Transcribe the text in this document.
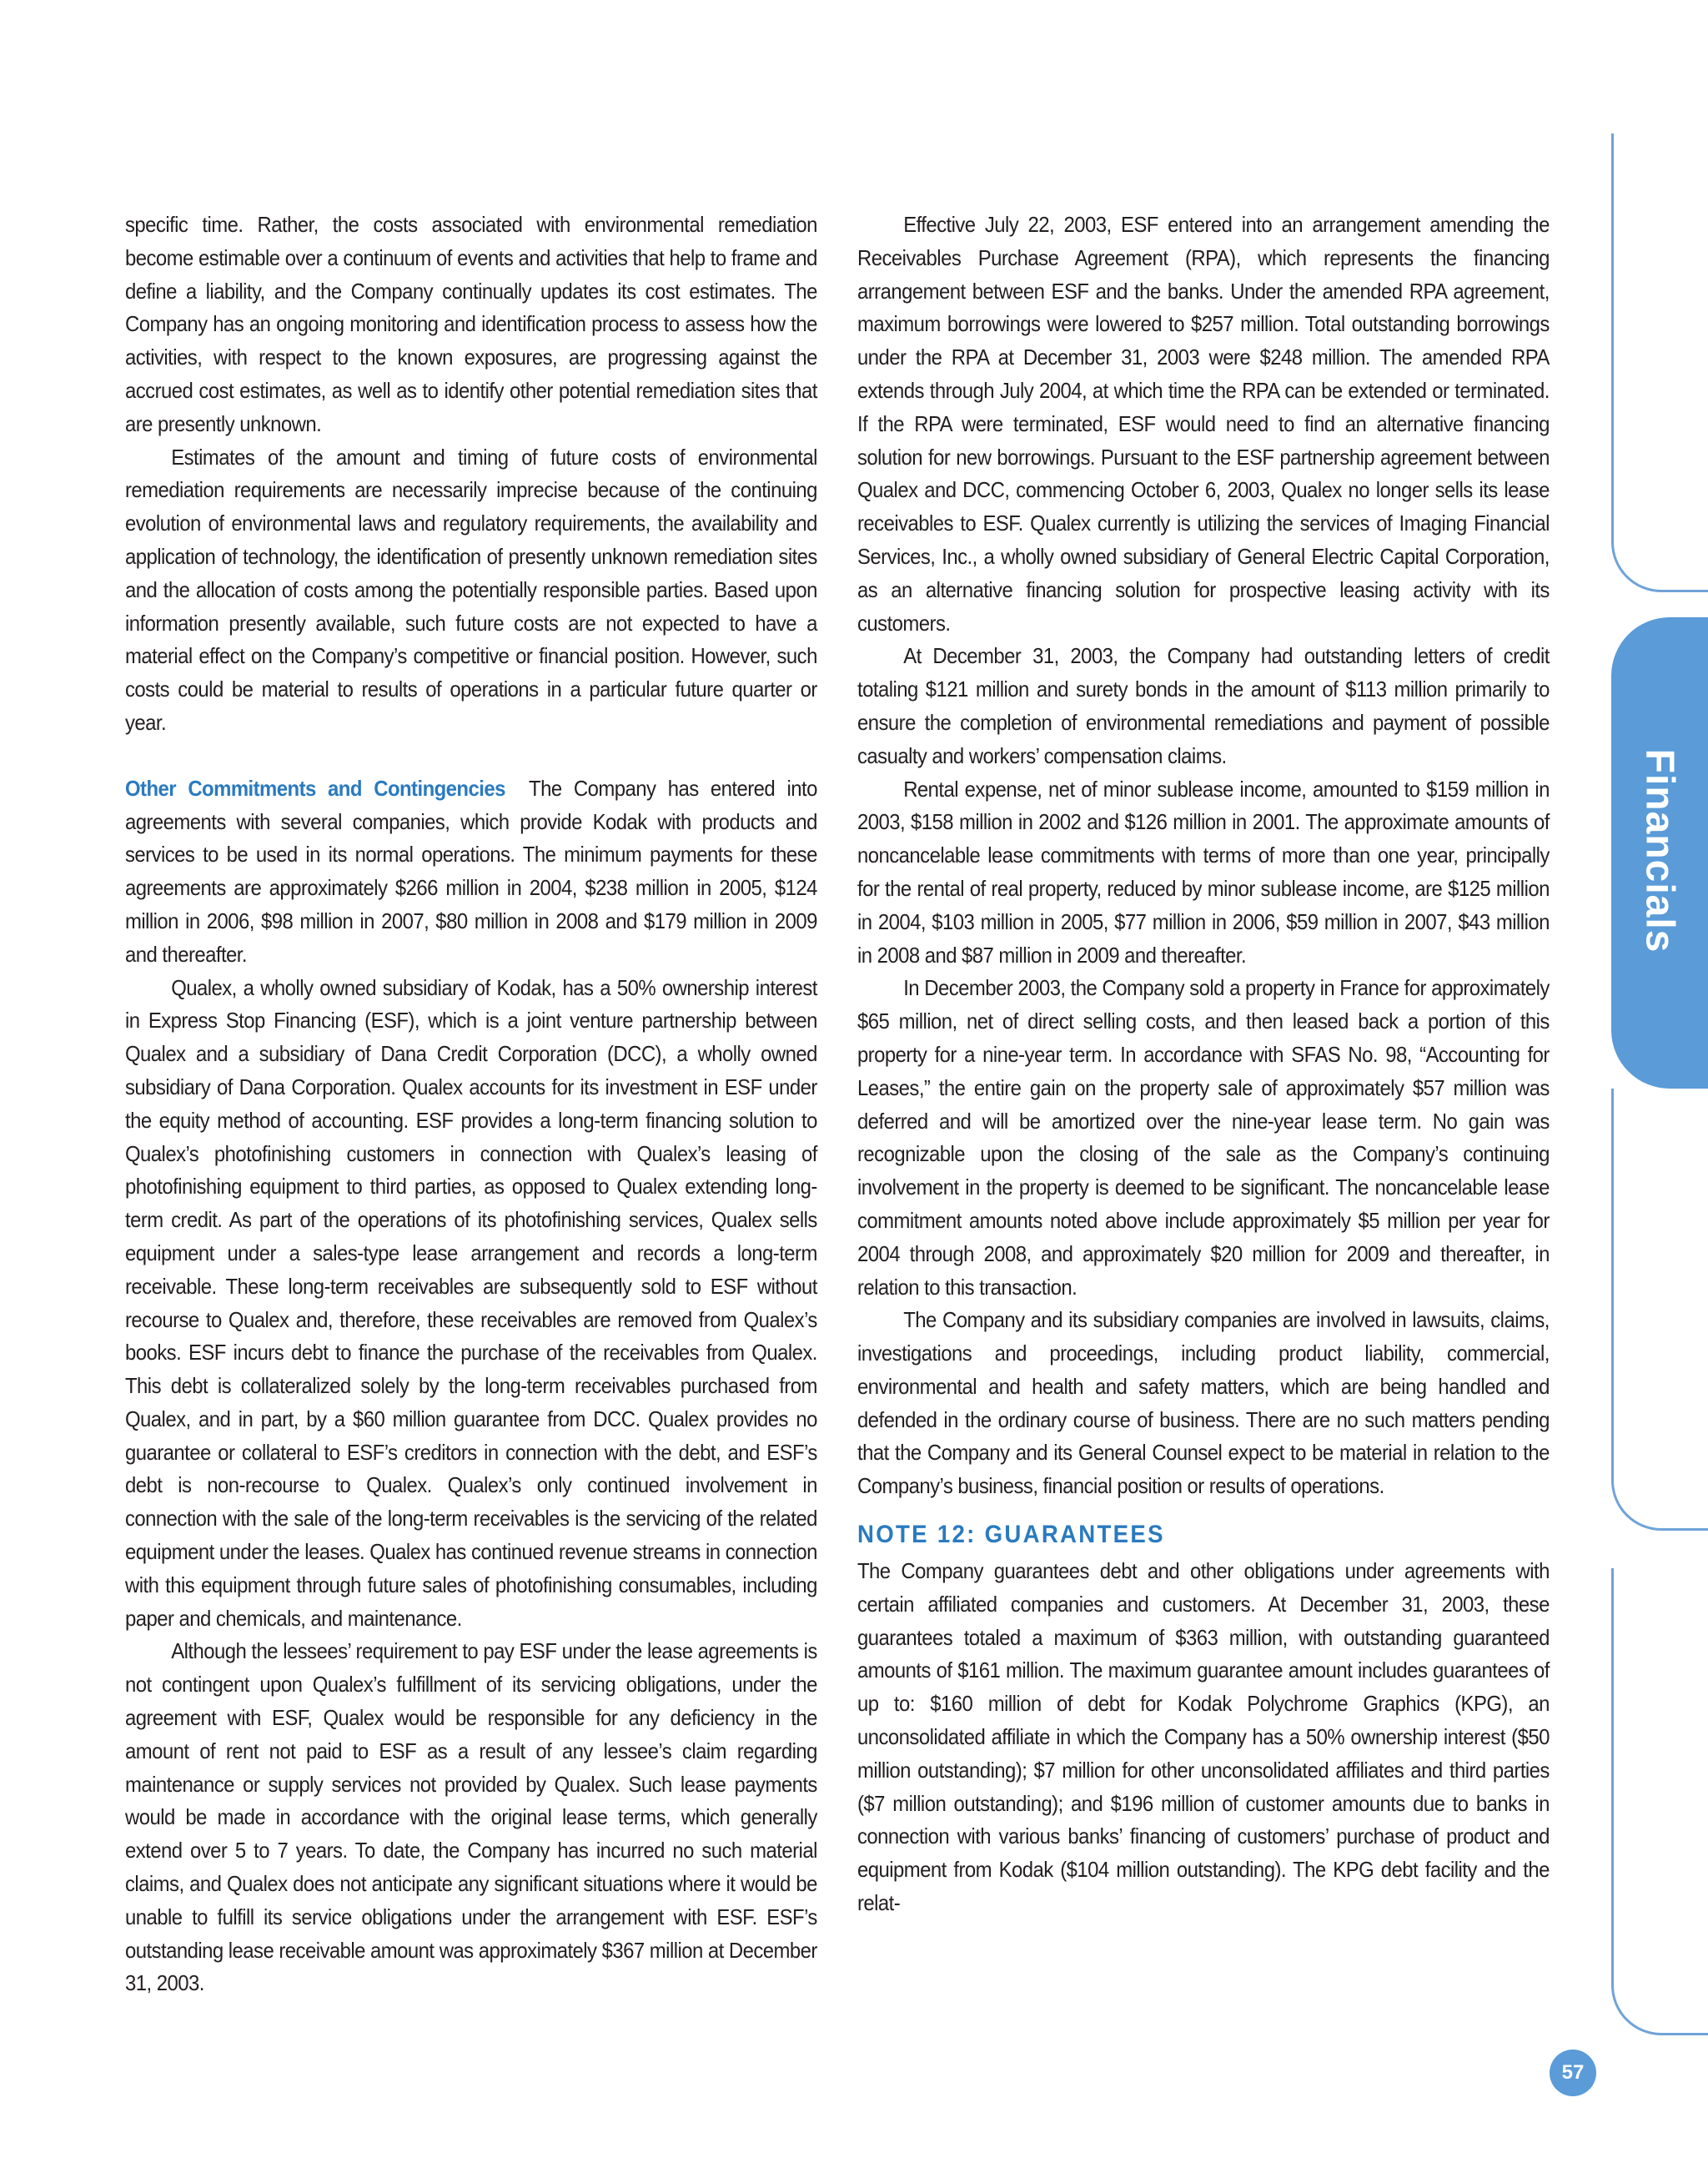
specific time. Rather, the costs associated with environmental remediation become estimable over a continuum of events and activities that help to frame and define a liability, and the Company continually updates its cost estimates. The Company has an ongoing monitoring and identification process to assess how the activities, with respect to the known exposures, are progressing against the accrued cost estimates, as well as to identify other potential remediation sites that are presently unknown.

Estimates of the amount and timing of future costs of environmental remediation requirements are necessarily imprecise because of the continuing evolution of environmental laws and regulatory requirements, the availability and application of technology, the identification of presently unknown remediation sites and the allocation of costs among the potentially responsible parties. Based upon information presently available, such future costs are not expected to have a material effect on the Company’s competitive or financial position. However, such costs could be material to results of operations in a particular future quarter or year.

Other Commitments and Contingencies The Company has entered into agreements with several companies, which provide Kodak with products and services to be used in its normal operations. The minimum payments for these agreements are approximately $266 million in 2004, $238 million in 2005, $124 million in 2006, $98 million in 2007, $80 million in 2008 and $179 million in 2009 and thereafter.

Qualex, a wholly owned subsidiary of Kodak, has a 50% ownership interest in Express Stop Financing (ESF), which is a joint venture partnership between Qualex and a subsidiary of Dana Credit Corporation (DCC), a wholly owned subsidiary of Dana Corporation. Qualex accounts for its investment in ESF under the equity method of accounting. ESF provides a long-term financing solution to Qualex’s photofinishing customers in connection with Qualex’s leasing of photofinishing equipment to third parties, as opposed to Qualex extending long-term credit. As part of the operations of its photofinishing services, Qualex sells equipment under a sales-type lease arrangement and records a long-term receivable. These long-term receivables are subsequently sold to ESF without recourse to Qualex and, therefore, these receivables are removed from Qualex’s books. ESF incurs debt to finance the purchase of the receivables from Qualex. This debt is collateralized solely by the long-term receivables purchased from Qualex, and in part, by a $60 million guarantee from DCC. Qualex provides no guarantee or collateral to ESF’s creditors in connection with the debt, and ESF’s debt is non-recourse to Qualex. Qualex’s only continued involvement in connection with the sale of the long-term receivables is the servicing of the related equipment under the leases. Qualex has continued revenue streams in connection with this equipment through future sales of photofinishing consumables, including paper and chemicals, and maintenance.

Although the lessees’ requirement to pay ESF under the lease agreements is not contingent upon Qualex’s fulfillment of its servicing obligations, under the agreement with ESF, Qualex would be responsible for any deficiency in the amount of rent not paid to ESF as a result of any lessee’s claim regarding maintenance or supply services not provided by Qualex. Such lease payments would be made in accordance with the original lease terms, which generally extend over 5 to 7 years. To date, the Company has incurred no such material claims, and Qualex does not anticipate any significant situations where it would be unable to fulfill its service obligations under the arrangement with ESF. ESF’s outstanding lease receivable amount was approximately $367 million at December 31, 2003.

Effective July 22, 2003, ESF entered into an arrangement amending the Receivables Purchase Agreement (RPA), which represents the financing arrangement between ESF and the banks. Under the amended RPA agreement, maximum borrowings were lowered to $257 million. Total outstanding borrowings under the RPA at December 31, 2003 were $248 million. The amended RPA extends through July 2004, at which time the RPA can be extended or terminated. If the RPA were terminated, ESF would need to find an alternative financing solution for new borrowings. Pursuant to the ESF partnership agreement between Qualex and DCC, commencing October 6, 2003, Qualex no longer sells its lease receivables to ESF. Qualex currently is utilizing the services of Imaging Financial Services, Inc., a wholly owned subsidiary of General Electric Capital Corporation, as an alternative financing solution for prospective leasing activity with its customers.

At December 31, 2003, the Company had outstanding letters of credit totaling $121 million and surety bonds in the amount of $113 million primarily to ensure the completion of environmental remediations and payment of possible casualty and workers’ compensation claims.

Rental expense, net of minor sublease income, amounted to $159 million in 2003, $158 million in 2002 and $126 million in 2001. The approximate amounts of noncancelable lease commitments with terms of more than one year, principally for the rental of real property, reduced by minor sublease income, are $125 million in 2004, $103 million in 2005, $77 million in 2006, $59 million in 2007, $43 million in 2008 and $87 million in 2009 and thereafter.

In December 2003, the Company sold a property in France for approximately $65 million, net of direct selling costs, and then leased back a portion of this property for a nine-year term. In accordance with SFAS No. 98, “Accounting for Leases,” the entire gain on the property sale of approximately $57 million was deferred and will be amortized over the nine-year lease term. No gain was recognizable upon the closing of the sale as the Company’s continuing involvement in the property is deemed to be significant. The noncancelable lease commitment amounts noted above include approximately $5 million per year for 2004 through 2008, and approximately $20 million for 2009 and thereafter, in relation to this transaction.

The Company and its subsidiary companies are involved in lawsuits, claims, investigations and proceedings, including product liability, commercial, environmental and health and safety matters, which are being handled and defended in the ordinary course of business. There are no such matters pending that the Company and its General Counsel expect to be material in relation to the Company’s business, financial position or results of operations.

NOTE 12: GUARANTEES

The Company guarantees debt and other obligations under agreements with certain affiliated companies and customers. At December 31, 2003, these guarantees totaled a maximum of $363 million, with outstanding guaranteed amounts of $161 million. The maximum guarantee amount includes guarantees of up to: $160 million of debt for Kodak Polychrome Graphics (KPG), an unconsolidated affiliate in which the Company has a 50% ownership interest ($50 million outstanding); $7 million for other unconsolidated affiliates and third parties ($7 million outstanding); and $196 million of customer amounts due to banks in connection with various banks’ financing of customers’ purchase of product and equipment from Kodak ($104 million outstanding). The KPG debt facility and the relat-

Financials
57
